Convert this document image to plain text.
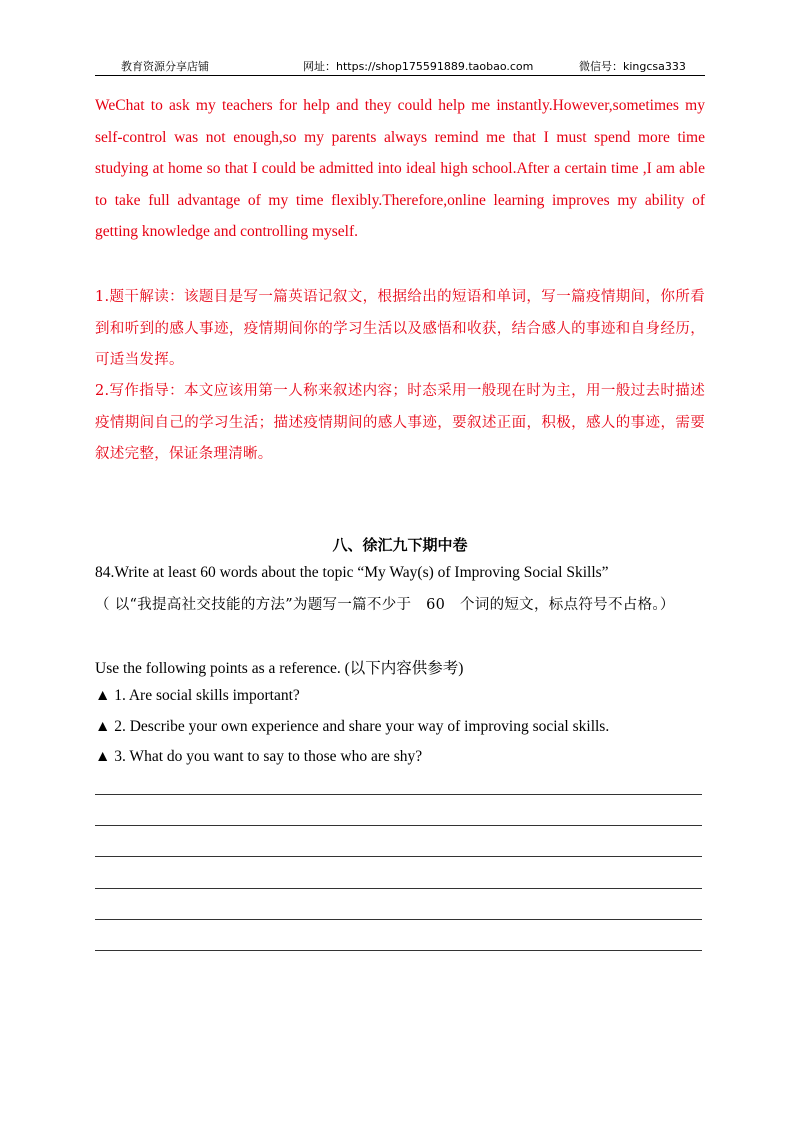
教育资源分享店铺	网址：https://shop175591889.taobao.com	微信号：kingcsa333

WeChat to ask my teachers for help and they could help me instantly.However,sometimes my self-control was not enough,so my parents always remind me that I must spend more time studying at home so that I could be admitted into ideal high school.After a certain time ,I am able to take full advantage of my time flexibly.Therefore,online learning improves my ability of getting knowledge and controlling myself.

1.题干解读：该题目是写一篇英语记叙文，根据给出的短语和单词，写一篇疫情期间，你所看到和听到的感人事迹，疫情期间你的学习生活以及感悟和收获，结合感人的事迹和自身经历，可适当发挥。

2.写作指导：本文应该用第一人称来叙述内容；时态采用一般现在时为主，用一般过去时描述疫情期间自己的学习生活；描述疫情期间的感人事迹，要叙述正面，积极，感人的事迹，需要叙述完整，保证条理清晰。

八、徐汇九下期中卷
84.Write at least 60 words about the topic “My Way(s) of Improving Social Skills”

（ 以“我提高社交技能的方法”为题写一篇不少于　60　个词的短文，标点符号不占格。）

Use the following points as a reference. (以下内容供参考)
▲ 1. Are social skills important?
▲ 2. Describe your own experience and share your way of improving social skills.
▲ 3. What do you want to say to those who are shy?
